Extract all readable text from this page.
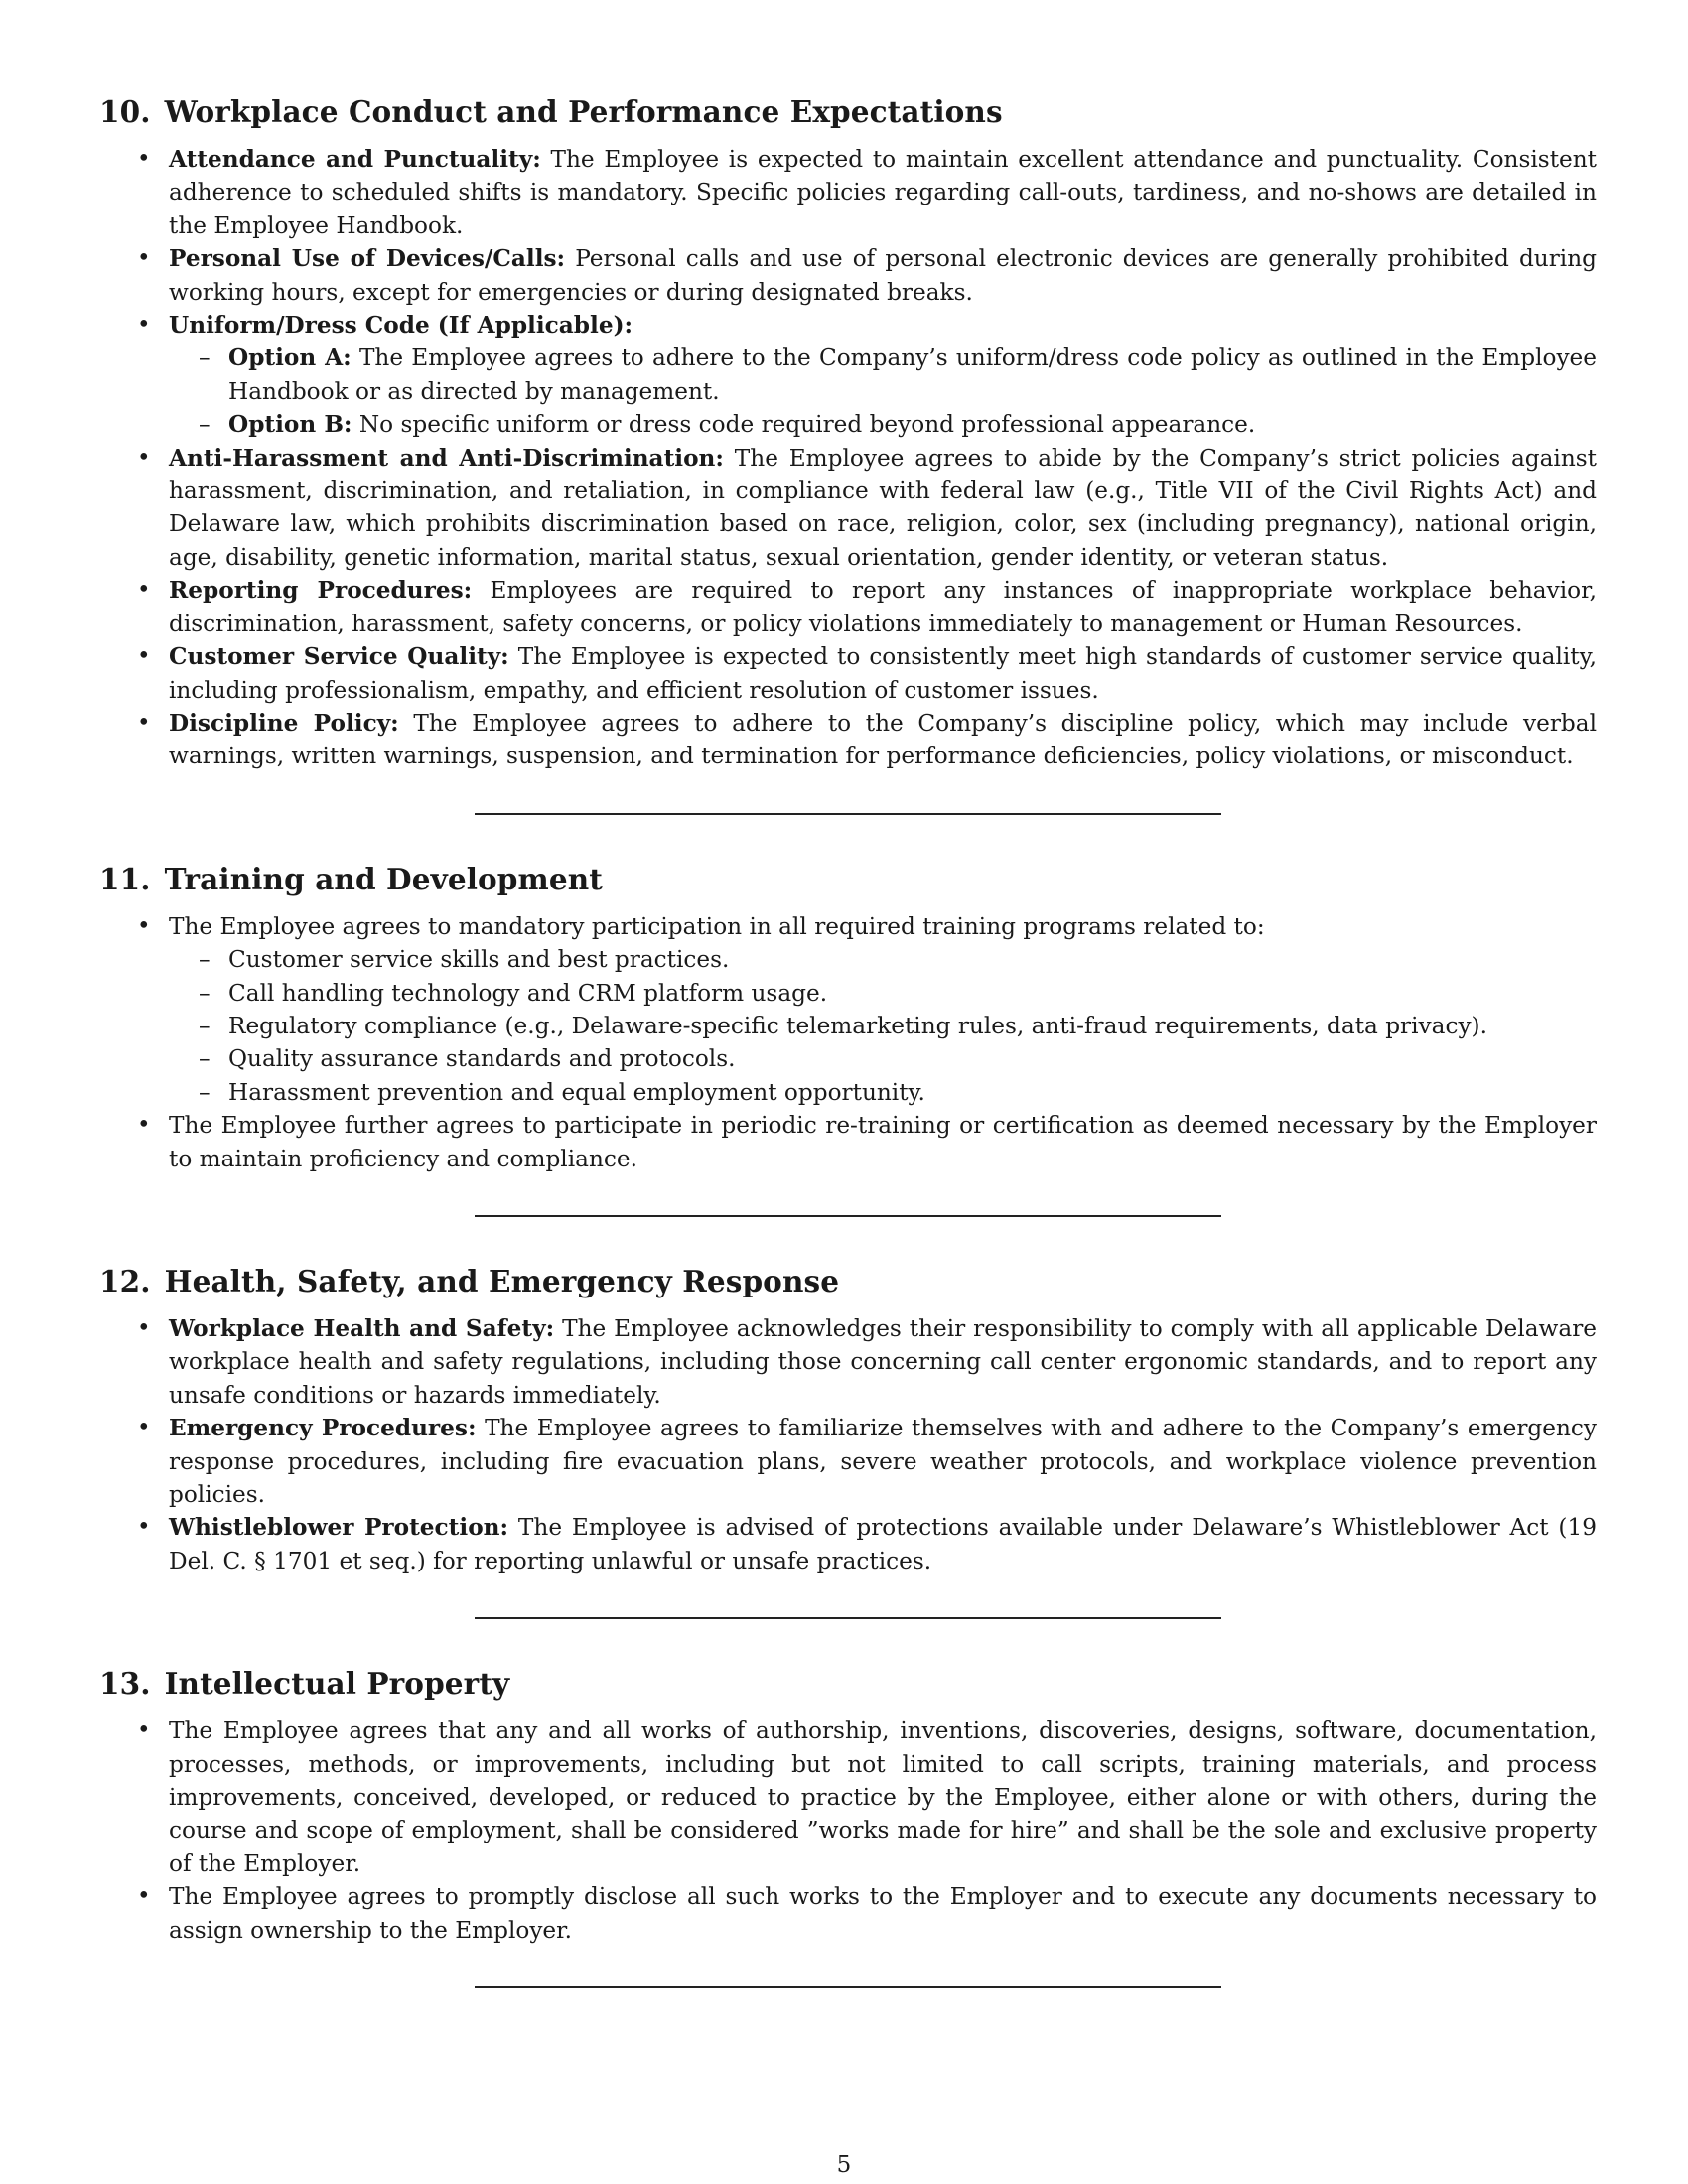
10. Workplace Conduct and Performance Expectations
• Attendance and Punctuality: The Employee is expected to maintain excellent attendance and punctuality. Consistent adherence to scheduled shifts is mandatory. Specific policies regarding call-outs, tardiness, and no-shows are detailed in the Employee Handbook.
• Personal Use of Devices/Calls: Personal calls and use of personal electronic devices are generally prohibited during working hours, except for emergencies or during designated breaks.
• Uniform/Dress Code (If Applicable):
– Option A: The Employee agrees to adhere to the Company’s uniform/dress code policy as outlined in the Employee Handbook or as directed by management.
– Option B: No specific uniform or dress code required beyond professional appearance.
• Anti-Harassment and Anti-Discrimination: The Employee agrees to abide by the Company’s strict policies against harassment, discrimination, and retaliation, in compliance with federal law (e.g., Title VII of the Civil Rights Act) and Delaware law, which prohibits discrimination based on race, religion, color, sex (including pregnancy), national origin, age, disability, genetic information, marital status, sexual orientation, gender identity, or veteran status.
• Reporting Procedures: Employees are required to report any instances of inappropriate workplace behavior, discrimination, harassment, safety concerns, or policy violations immediately to management or Human Resources.
• Customer Service Quality: The Employee is expected to consistently meet high standards of customer service quality, including professionalism, empathy, and efficient resolution of customer issues.
• Discipline Policy: The Employee agrees to adhere to the Company’s discipline policy, which may include verbal warnings, written warnings, suspension, and termination for performance deficiencies, policy violations, or misconduct.
11. Training and Development
• The Employee agrees to mandatory participation in all required training programs related to:
– Customer service skills and best practices.
– Call handling technology and CRM platform usage.
– Regulatory compliance (e.g., Delaware-specific telemarketing rules, anti-fraud requirements, data privacy).
– Quality assurance standards and protocols.
– Harassment prevention and equal employment opportunity.
• The Employee further agrees to participate in periodic re-training or certification as deemed necessary by the Employer to maintain proficiency and compliance.
12. Health, Safety, and Emergency Response
• Workplace Health and Safety: The Employee acknowledges their responsibility to comply with all applicable Delaware workplace health and safety regulations, including those concerning call center ergonomic standards, and to report any unsafe conditions or hazards immediately.
• Emergency Procedures: The Employee agrees to familiarize themselves with and adhere to the Company’s emergency response procedures, including fire evacuation plans, severe weather protocols, and workplace violence prevention policies.
• Whistleblower Protection: The Employee is advised of protections available under Delaware’s Whistleblower Act (19 Del. C. § 1701 et seq.) for reporting unlawful or unsafe practices.
13. Intellectual Property
• The Employee agrees that any and all works of authorship, inventions, discoveries, designs, software, documentation, processes, methods, or improvements, including but not limited to call scripts, training materials, and process improvements, conceived, developed, or reduced to practice by the Employee, either alone or with others, during the course and scope of employment, shall be considered ”works made for hire” and shall be the sole and exclusive property of the Employer.
• The Employee agrees to promptly disclose all such works to the Employer and to execute any documents necessary to assign ownership to the Employer.
5
